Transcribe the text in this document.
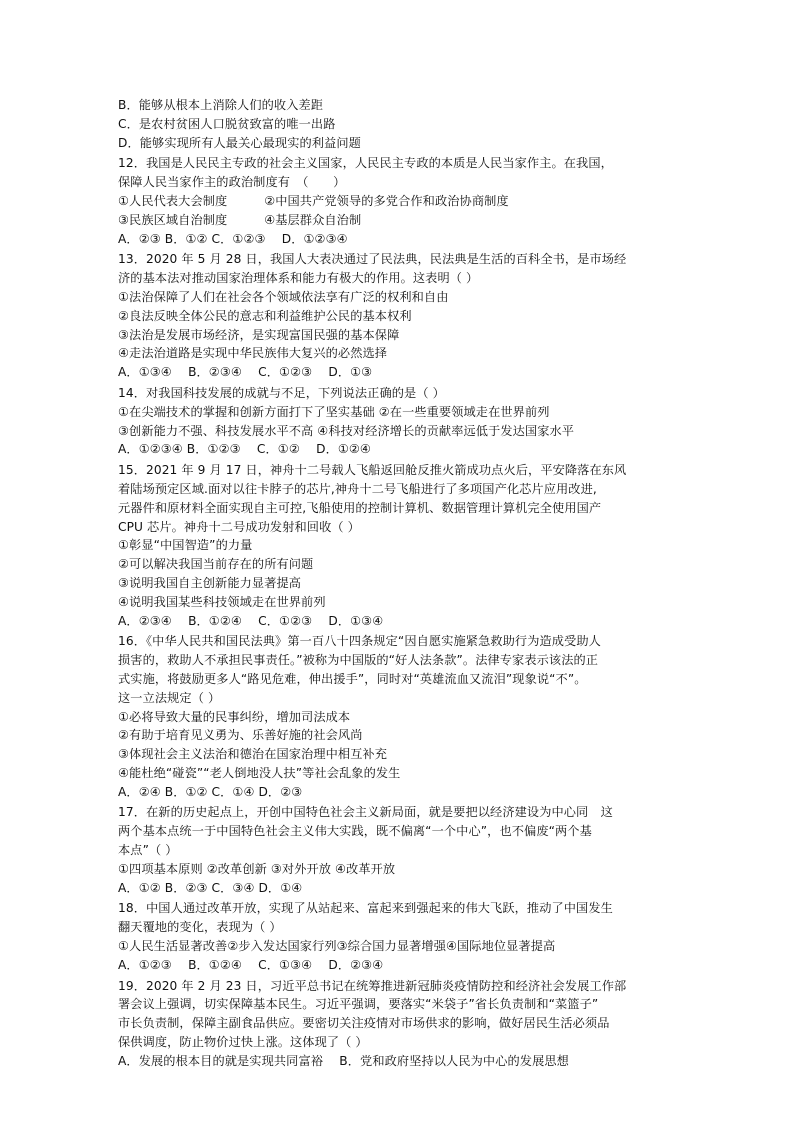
B．能够从根本上消除人们的收入差距
C．是农村贫困人口脱贫致富的唯一出路
D．能够实现所有人最关心最现实的利益问题
12．我国是人民民主专政的社会主义国家，人民民主专政的本质是人民当家作主。在我国，
保障人民当家作主的政治制度有　（　　）
①人民代表大会制度　　　②中国共产党领导的多党合作和政治协商制度
③民族区域自治制度　　　④基层群众自治制
A．②③ B．①② C．①②③　 D．①②③④
13．2020 年 5 月 28 日，我国人大表决通过了民法典，民法典是生活的百科全书，是市场经
济的基本法对推动国家治理体系和能力有极大的作用。这表明（ ）
①法治保障了人们在社会各个领域依法享有广泛的权利和自由
②良法反映全体公民的意志和利益维护公民的基本权利
③法治是发展市场经济，是实现富国民强的基本保障
④走法治道路是实现中华民族伟大复兴的必然选择
A．①③④　 B．②③④　 C．①②③　 D．①③
14．对我国科技发展的成就与不足，下列说法正确的是（ ）
①在尖端技术的掌握和创新方面打下了坚实基础 ②在一些重要领域走在世界前列
③创新能力不强、科技发展水平不高 ④科技对经济增长的贡献率远低于发达国家水平
A．①②③④ B．①②③　 C．①②　 D．①②④
15．2021 年 9 月 17 日，神舟十二号载人飞船返回舱反推火箭成功点火后，平安降落在东风
着陆场预定区域.面对以往卡脖子的芯片,神舟十二号飞船进行了多项国产化芯片应用改进,
元器件和原材料全面实现自主可控,飞船使用的控制计算机、数据管理计算机完全使用国产
CPU 芯片。神舟十二号成功发射和回收（ ）
①彰显“中国智造”的力量
②可以解决我国当前存在的所有问题
③说明我国自主创新能力显著提高
④说明我国某些科技领域走在世界前列
A．②③④　 B．①②④　 C．①②③　 D．①③④
16．《中华人民共和国民法典》第一百八十四条规定“因自愿实施紧急救助行为造成受助人
损害的，救助人不承担民事责任。”被称为中国版的“好人法条款”。法律专家表示该法的正
式实施，将鼓励更多人“路见危难，伸出援手”，同时对“英雄流血又流泪”现象说“不”。
这一立法规定（ ）
①必将导致大量的民事纠纷，增加司法成本
②有助于培育见义勇为、乐善好施的社会风尚
③体现社会主义法治和德治在国家治理中相互补充
④能杜绝“碰瓷”“老人倒地没人扶”等社会乱象的发生
A．②④ B．①② C．①④ D．②③
17．在新的历史起点上，开创中国特色社会主义新局面，就是要把以经济建设为中心同　这
两个基本点统一于中国特色社会主义伟大实践，既不偏离“一个中心”，也不偏废“两个基
本点”（ ）
①四项基本原则 ②改革创新 ③对外开放 ④改革开放
A．①② B．②③ C．③④ D．①④
18．中国人通过改革开放，实现了从站起来、富起来到强起来的伟大飞跃，推动了中国发生
翻天覆地的变化，表现为（ ）
①人民生活显著改善②步入发达国家行列③综合国力显著增强④国际地位显著提高
A．①②③　 B．①②④　 C．①③④　 D．②③④
19．2020 年 2 月 23 日，习近平总书记在统筹推进新冠肺炎疫情防控和经济社会发展工作部
署会议上强调，切实保障基本民生。习近平强调，要落实“米袋子”省长负责制和“菜篮子”
市长负责制，保障主副食品供应。要密切关注疫情对市场供求的影响，做好居民生活必须品
保供调度，防止物价过快上涨。这体现了（ ）
A．发展的根本目的就是实现共同富裕　 B．党和政府坚持以人民为中心的发展思想
